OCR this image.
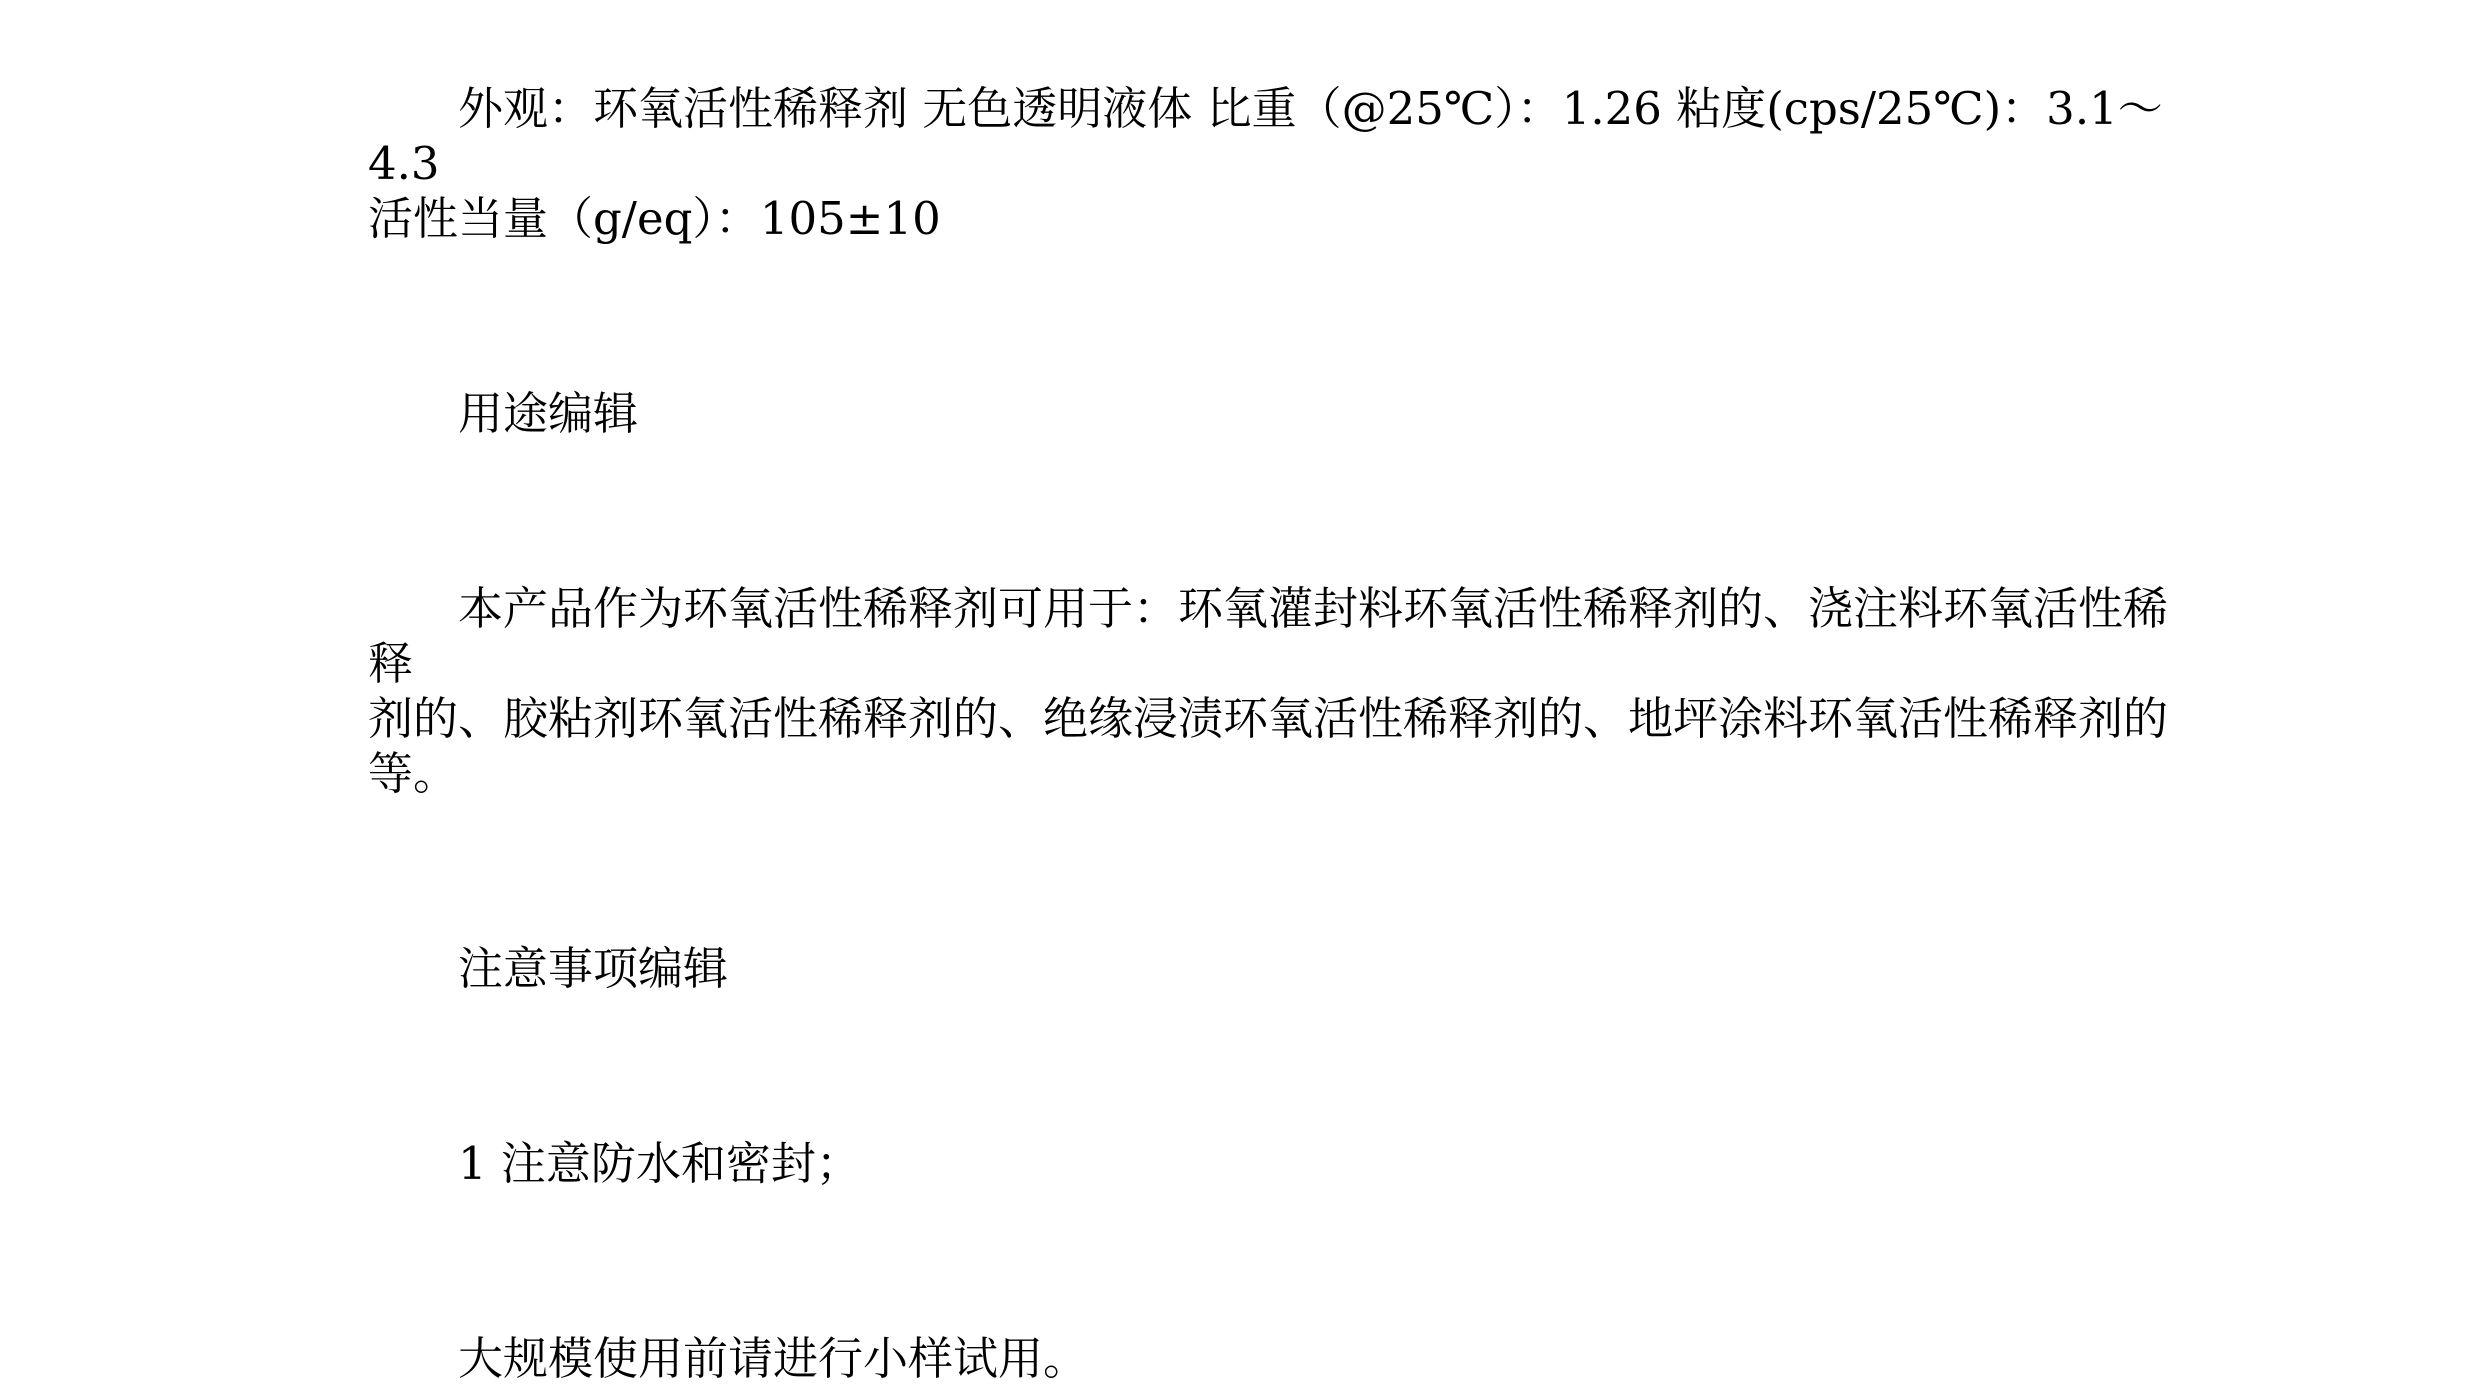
外观：环氧活性稀释剂 无色透明液体 比重（@25℃）：1.26 粘度(cps/25℃)：3.1～4.3
活性当量（g/eq）：105±10
用途编辑
本产品作为环氧活性稀释剂可用于：环氧灌封料环氧活性稀释剂的、浇注料环氧活性稀释
剂的、胶粘剂环氧活性稀释剂的、绝缘浸渍环氧活性稀释剂的、地坪涂料环氧活性稀释剂的等。
注意事项编辑
1 注意防水和密封；
大规模使用前请进行小样试用。
